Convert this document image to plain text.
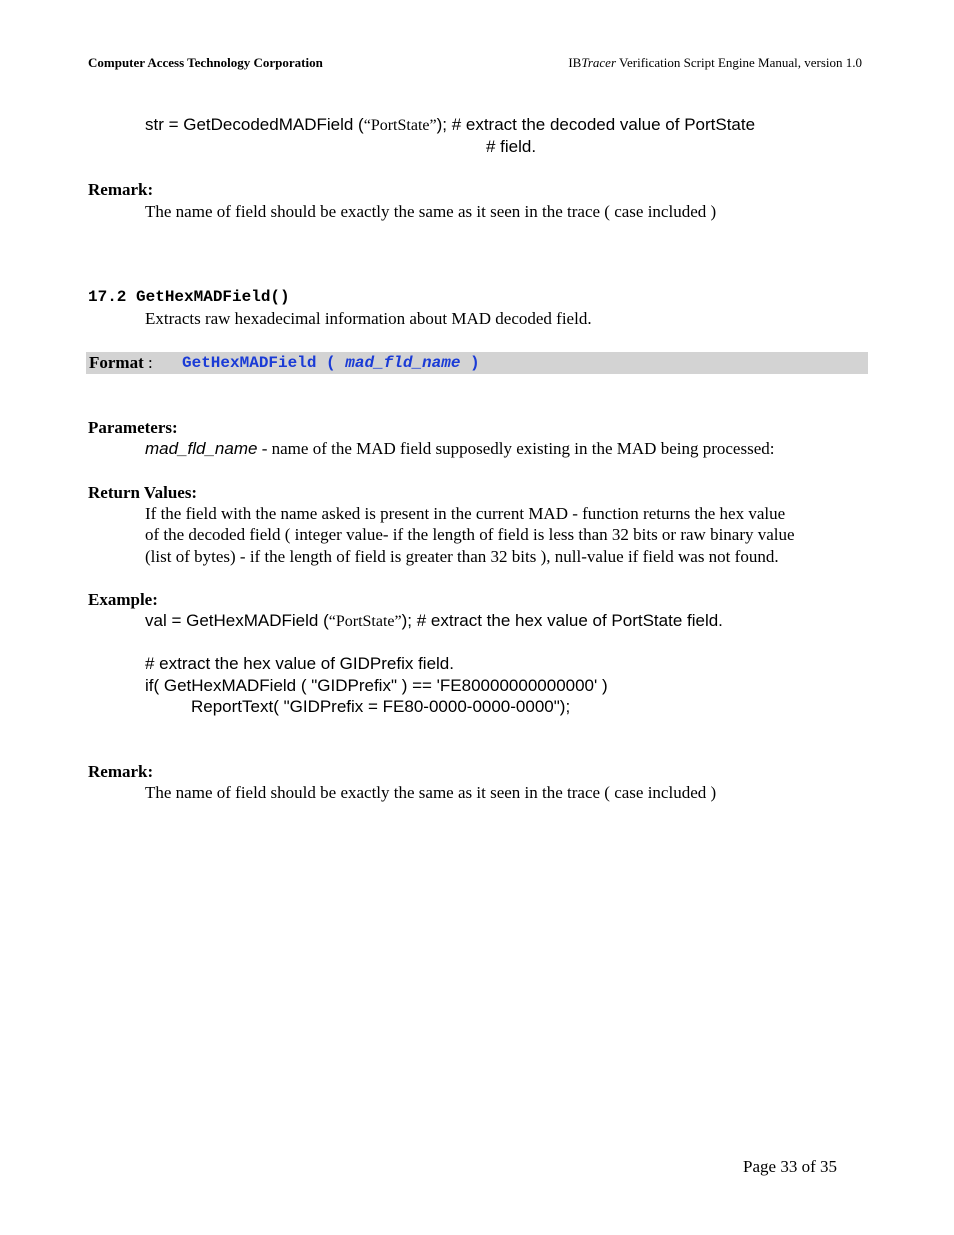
Computer Access Technology Corporation	IBTracer Verification Script Engine Manual, version 1.0
str = GetDecodedMADField (“PortState”); # extract the decoded value of PortState
# field.
Remark:
The name of field should be exactly the same as it seen in the trace ( case included )
17.2 GetHexMADField()
Extracts raw hexadecimal information about MAD decoded field.
Format : GetHexMADField ( mad_fld_name )
Parameters:
mad_fld_name - name of the MAD field supposedly existing in the MAD being processed:
Return Values:
If the field with the name asked is present in the current MAD - function returns the hex value
of the decoded field ( integer value- if the length of field is less than 32 bits or raw binary value
(list of bytes) - if the length of field is greater than 32 bits ), null-value if field was not found.
Example:
val = GetHexMADField (“PortState”); # extract the hex value of PortState field.
# extract the hex value of GIDPrefix field.
if( GetHexMADField ( "GIDPrefix" ) == 'FE80000000000000' )
ReportText( "GIDPrefix = FE80-0000-0000-0000");
Remark:
The name of field should be exactly the same as it seen in the trace ( case included )
Page 33 of 35
